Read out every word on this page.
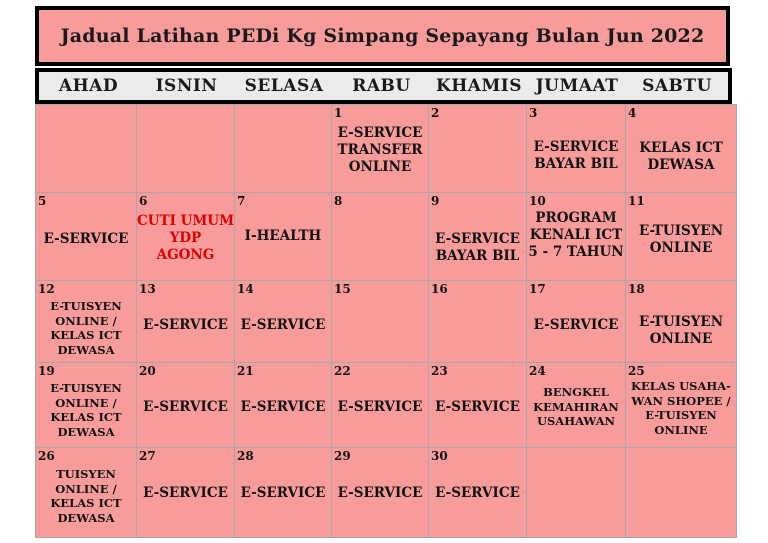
Jadual Latihan PEDi Kg Simpang Sepayang Bulan Jun 2022
AHAD	ISNIN	SELASA	RABU	KHAMIS JUMAAT	SABTU

			1
E-SERVICE
TRANSFER
ONLINE	2	3
E-SERVICE
BAYAR BIL	4
KELAS ICT
DEWASA

5
E-SERVICE	6
CUTI UMUM
YDP
AGONG	7
I-HEALTH	8	9
E-SERVICE
BAYAR BIL	10
PROGRAM
KENALI ICT
5 - 7 TAHUN	11
E-TUISYEN
ONLINE

12
E-TUISYEN
ONLINE /
KELAS ICT
DEWASA	13
E-SERVICE	14
E-SERVICE	15	16	17
E-SERVICE	18
E-TUISYEN
ONLINE

19
E-TUISYEN
ONLINE /
KELAS ICT
DEWASA	20
E-SERVICE	21
E-SERVICE	22
E-SERVICE	23
E-SERVICE	24
BENGKEL
KEMAHIRAN
USAHAWAN	25
KELAS USAHA-
WAN SHOPEE /
E-TUISYEN
ONLINE

26
TUISYEN
ONLINE /
KELAS ICT
DEWASA	27
E-SERVICE	28
E-SERVICE	29
E-SERVICE	30
E-SERVICE		
